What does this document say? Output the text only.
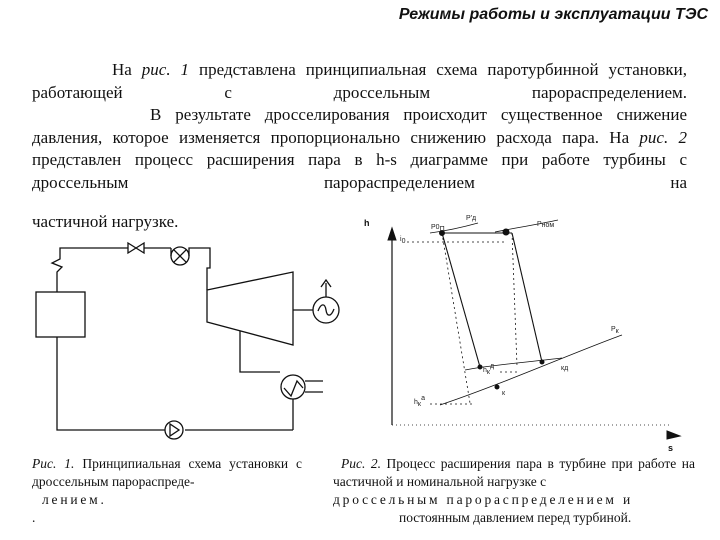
Режимы работы и эксплуатации ТЭС
На рис. 1 представлена принципиальная схема паротурбинной установки, работающей с дроссельным парораспределением.
В результате дросселирования происходит существенное снижение давления, которое изменяется пропорционально снижению расхода пара. На рис. 2 представлен процесс расширения пара в h-s диаграмме при работе турбины с дроссельным парораспределением на
частичной нагрузке.	h
s
i0
P0Π
P'д
Рном
Рк
hкд
hка
кд
к
Рис. 1. Принципиальная схема установки с дроссельным парораспреде-
лением.
.
Рис. 2. Процесс расширения пара в турбине при работе на частичной и номинальной нагрузке с
дроссельным парораспределением и
постоянным давлением перед турбиной.
